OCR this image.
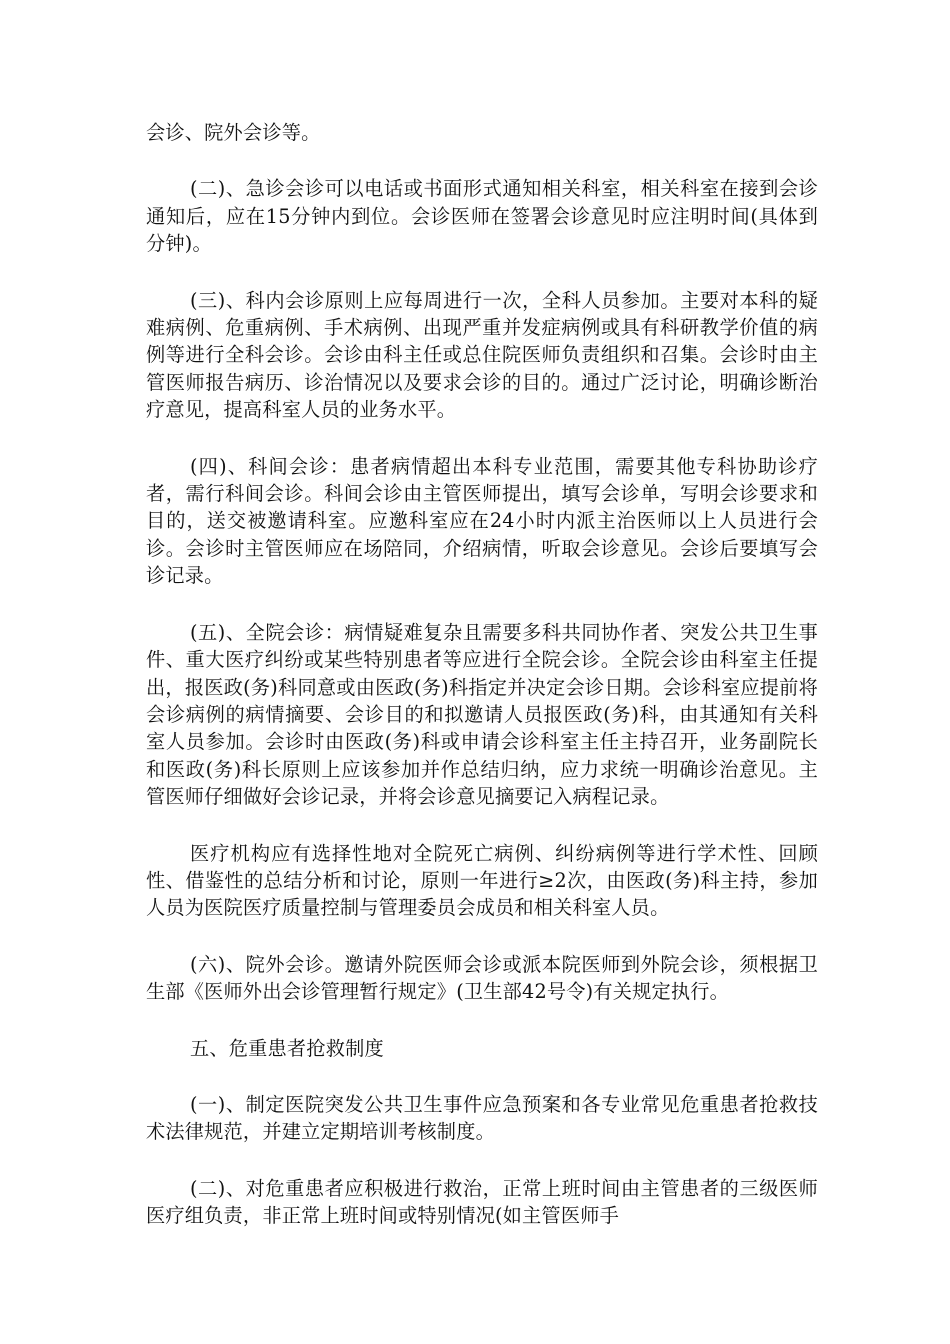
会诊、院外会诊等。

(二)、急诊会诊可以电话或书面形式通知相关科室，相关科室在接到会诊通知后，应在15分钟内到位。会诊医师在签署会诊意见时应注明时间(具体到分钟)。

(三)、科内会诊原则上应每周进行一次，全科人员参加。主要对本科的疑难病例、危重病例、手术病例、出现严重并发症病例或具有科研教学价值的病例等进行全科会诊。会诊由科主任或总住院医师负责组织和召集。会诊时由主管医师报告病历、诊治情况以及要求会诊的目的。通过广泛讨论，明确诊断治疗意见，提高科室人员的业务水平。

(四)、科间会诊：患者病情超出本科专业范围，需要其他专科协助诊疗者，需行科间会诊。科间会诊由主管医师提出，填写会诊单，写明会诊要求和目的，送交被邀请科室。应邀科室应在24小时内派主治医师以上人员进行会诊。会诊时主管医师应在场陪同，介绍病情，听取会诊意见。会诊后要填写会诊记录。

(五)、全院会诊：病情疑难复杂且需要多科共同协作者、突发公共卫生事件、重大医疗纠纷或某些特别患者等应进行全院会诊。全院会诊由科室主任提出，报医政(务)科同意或由医政(务)科指定并决定会诊日期。会诊科室应提前将会诊病例的病情摘要、会诊目的和拟邀请人员报医政(务)科，由其通知有关科室人员参加。会诊时由医政(务)科或申请会诊科室主任主持召开，业务副院长和医政(务)科长原则上应该参加并作总结归纳，应力求统一明确诊治意见。主管医师仔细做好会诊记录，并将会诊意见摘要记入病程记录。

医疗机构应有选择性地对全院死亡病例、纠纷病例等进行学术性、回顾性、借鉴性的总结分析和讨论，原则一年进行≥2次，由医政(务)科主持，参加人员为医院医疗质量控制与管理委员会成员和相关科室人员。

(六)、院外会诊。邀请外院医师会诊或派本院医师到外院会诊，须根据卫生部《医师外出会诊管理暂行规定》(卫生部42号令)有关规定执行。

五、危重患者抢救制度

(一)、制定医院突发公共卫生事件应急预案和各专业常见危重患者抢救技术法律规范，并建立定期培训考核制度。

(二)、对危重患者应积极进行救治，正常上班时间由主管患者的三级医师医疗组负责，非正常上班时间或特别情况(如主管医师手
